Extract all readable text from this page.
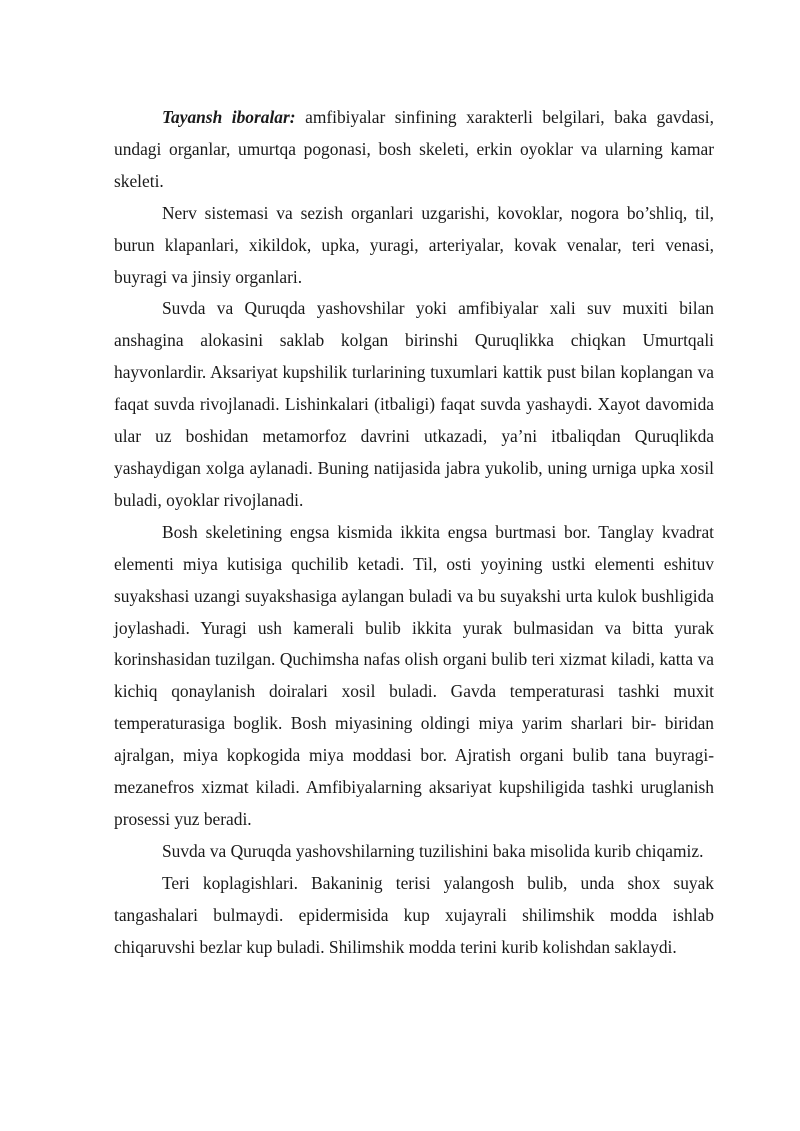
Tayansh iboralar: amfibiyalar sinfining xarakterli belgilari, baka gavdasi, undagi organlar, umurtqa pogonasi, bosh skeleti, erkin oyoklar va ularning kamar skeleti.

Nerv sistemasi va sezish organlari uzgarishi, kovoklar, nogora bo’shliq, til, burun klapanlari, xikildok, upka, yuragi, arteriyalar, kovak venalar, teri venasi, buyragi va jinsiy organlari.

Suvda va Quruqda yashovshilar yoki amfibiyalar xali suv muxiti bilan anshagina alokasini saklab kolgan birinshi Quruqlikka chiqkan Umurtqali hayvonlardir. Aksariyat kupshilik turlarining tuxumlari kattik pust bilan koplangan va faqat suvda rivojlanadi. Lishinkalari (itbaligi) faqat suvda yashaydi. Xayot davomida ular uz boshidan metamorfoz davrini utkazadi, ya’ni itbaliqdan Quruqlikda yashaydigan xolga aylanadi. Buning natijasida jabra yukolib, uning urniga upka xosil buladi, oyoklar rivojlanadi.

Bosh skeletining engsa kismida ikkita engsa burtmasi bor. Tanglay kvadrat elementi miya kutisiga quchilib ketadi. Til, osti yoyining ustki elementi eshituv suyakshasi uzangi suyakshasiga aylangan buladi va bu suyakshi urta kulok bushligida joylashadi. Yuragi ush kamerali bulib ikkita yurak bulmasidan va bitta yurak korinshasidan tuzilgan. Quchimsha nafas olish organi bulib teri xizmat kiladi, katta va kichiq qonaylanish doiralari xosil buladi. Gavda temperaturasi tashki muxit temperaturasiga boglik. Bosh miyasining oldingi miya yarim sharlari bir- biridan ajralgan, miya kopkogida miya moddasi bor. Ajratish organi bulib tana buyragi- mezanefros xizmat kiladi. Amfibiyalarning aksariyat kupshiligida tashki uruglanish prosessi yuz beradi.

Suvda va Quruqda yashovshilarning tuzilishini baka misolida kurib chiqamiz.

Teri koplagishlari. Bakaninig terisi yalangosh bulib, unda shox suyak tangashalari bulmaydi. epidermisida kup xujayrali shilimshik modda ishlab chiqaruvshi bezlar kup buladi. Shilimshik modda terini kurib kolishdan saklaydi.
